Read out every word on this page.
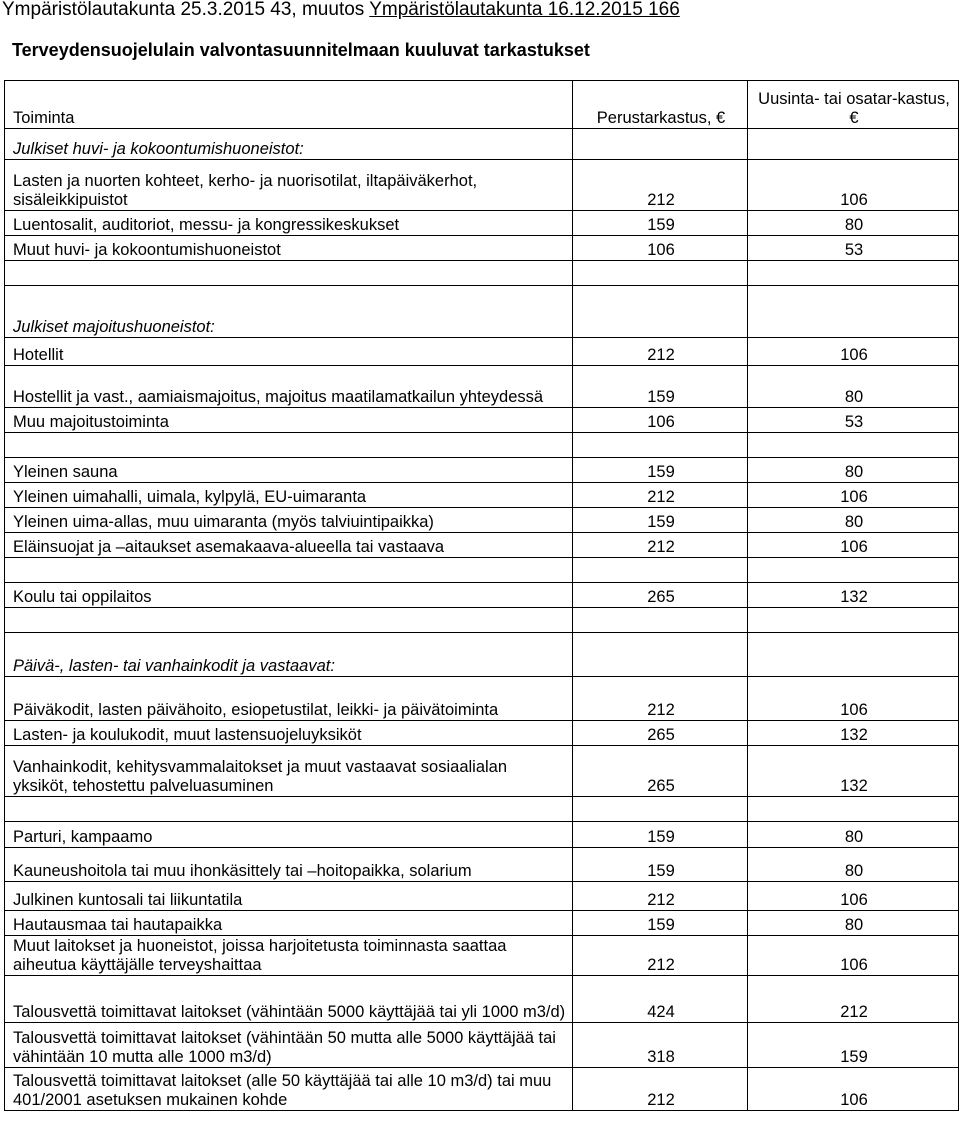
Ympäristölautakunta 25.3.2015 43, muutos Ympäristölautakunta 16.12.2015 166
Terveydensuojelulain valvontasuunnitelmaan kuuluvat tarkastukset
Toiminta	Perustarkastus, €	Uusinta- tai osatar-kastus, €
Julkiset huvi- ja kokoontumishuoneistot:		
Lasten ja nuorten kohteet, kerho- ja nuorisotilat, iltapäiväkerhot, sisäleikkipuistot	212	106
Luentosalit, auditoriot, messu- ja kongressikeskukset	159	80
Muut huvi- ja kokoontumishuoneistot	106	53

Julkiset majoitushuoneistot:		
Hotellit	212	106
Hostellit ja vast., aamiaismajoitus, majoitus maatilamatkailun yhteydessä	159	80
Muu majoitustoiminta	106	53

Yleinen sauna	159	80
Yleinen uimahalli, uimala, kylpylä, EU-uimaranta	212	106
Yleinen uima-allas, muu uimaranta (myös talviuintipaikka)	159	80
Eläinsuojat ja –aitaukset asemakaava-alueella tai vastaava	212	106

Koulu tai oppilaitos	265	132

Päivä-, lasten- tai vanhainkodit ja vastaavat:		
Päiväkodit, lasten päivähoito, esiopetustilat, leikki- ja päivätoiminta	212	106
Lasten- ja koulukodit, muut lastensuojeluyksiköt	265	132
Vanhainkodit, kehitysvammalaitokset ja muut vastaavat sosiaalialan yksiköt, tehostettu palveluasuminen	265	132

Parturi, kampaamo	159	80
Kauneushoitola tai muu ihonkäsittely tai –hoitopaikka, solarium	159	80
Julkinen kuntosali tai liikuntatila	212	106
Hautausmaa tai hautapaikka	159	80
Muut laitokset ja huoneistot, joissa harjoitetusta toiminnasta saattaa aiheutua käyttäjälle terveyshaittaa	212	106
Talousvettä toimittavat laitokset (vähintään 5000 käyttäjää tai yli 1000 m3/d)	424	212
Talousvettä toimittavat laitokset (vähintään 50 mutta alle 5000 käyttäjää tai vähintään 10 mutta alle 1000 m3/d)	318	159
Talousvettä toimittavat laitokset (alle 50 käyttäjää tai alle 10 m3/d) tai muu 401/2001 asetuksen mukainen kohde	212	106
